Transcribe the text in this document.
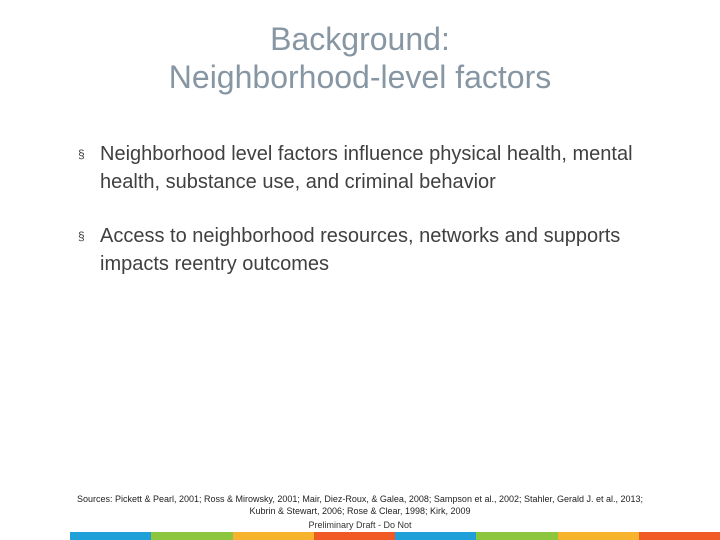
Background:
Neighborhood-level factors
§ Neighborhood level factors influence physical health, mental health, substance use, and criminal behavior
§ Access to neighborhood resources, networks and supports impacts reentry outcomes
Sources: Pickett & Pearl, 2001; Ross & Mirowsky, 2001; Mair, Diez-Roux, & Galea, 2008; Sampson et al., 2002; Stahler, Gerald J. et al., 2013; Kubrin & Stewart, 2006; Rose & Clear, 1998; Kirk, 2009
Preliminary Draft - Do Not
